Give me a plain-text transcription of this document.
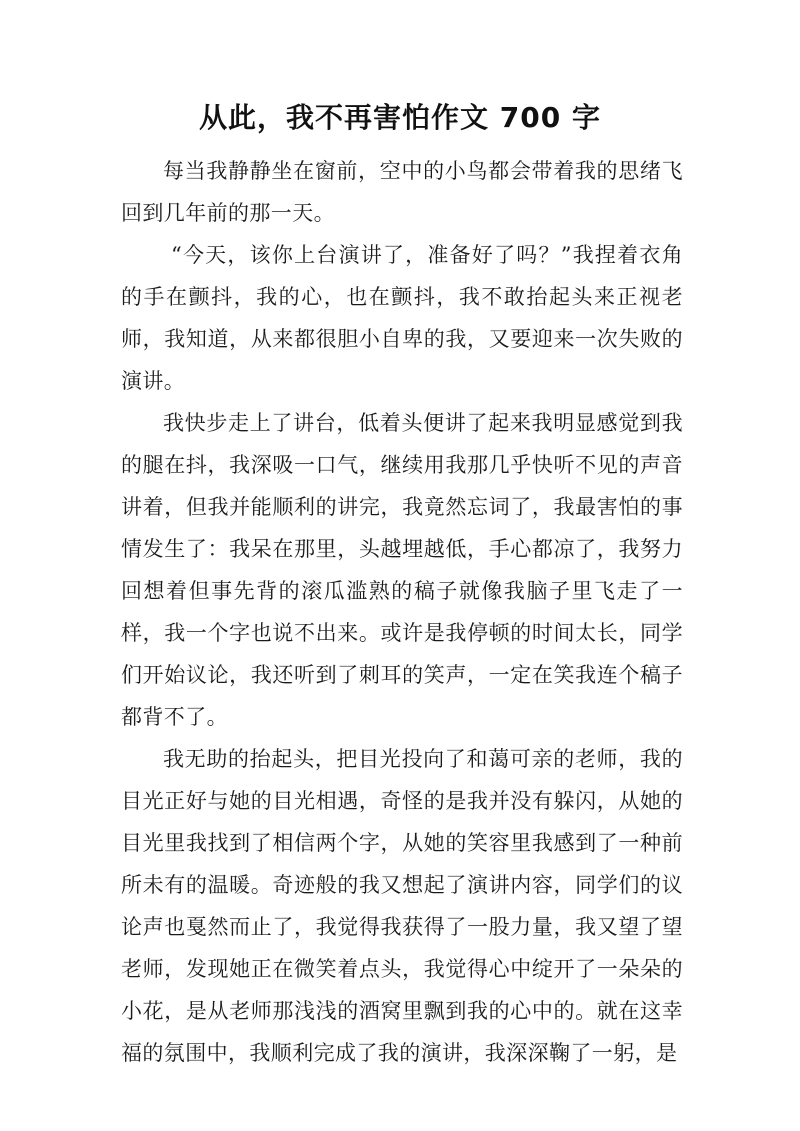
从此，我不再害怕作文 700 字

每当我静静坐在窗前，空中的小鸟都会带着我的思绪飞回到几年前的那一天。

“今天，该你上台演讲了，准备好了吗？”我捏着衣角的手在颤抖，我的心，也在颤抖，我不敢抬起头来正视老师，我知道，从来都很胆小自卑的我，又要迎来一次失败的演讲。

我快步走上了讲台，低着头便讲了起来我明显感觉到我的腿在抖，我深吸一口气，继续用我那几乎快听不见的声音讲着，但我并能顺利的讲完，我竟然忘词了，我最害怕的事情发生了：我呆在那里，头越埋越低，手心都凉了，我努力回想着但事先背的滚瓜滥熟的稿子就像我脑子里飞走了一样，我一个字也说不出来。或许是我停顿的时间太长，同学们开始议论，我还听到了刺耳的笑声，一定在笑我连个稿子都背不了。

我无助的抬起头，把目光投向了和蔼可亲的老师，我的目光正好与她的目光相遇，奇怪的是我并没有躲闪，从她的目光里我找到了相信两个字，从她的笑容里我感到了一种前所未有的温暖。奇迹般的我又想起了演讲内容，同学们的议论声也戛然而止了，我觉得我获得了一股力量，我又望了望老师，发现她正在微笑着点头，我觉得心中绽开了一朵朵的小花，是从老师那浅浅的酒窝里飘到我的心中的。就在这幸福的氛围中，我顺利完成了我的演讲，我深深鞠了一躬，是
